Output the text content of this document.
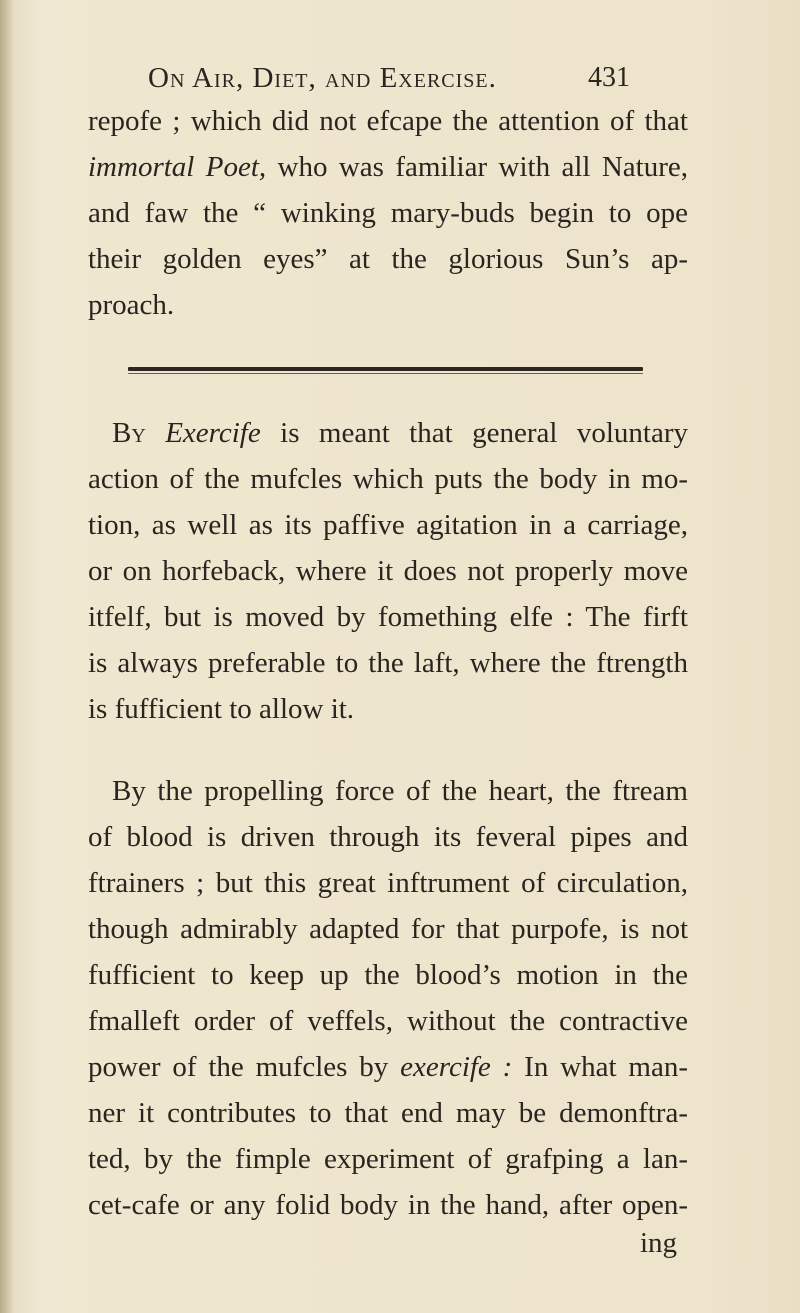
On Air, Diet, and Exercise.	431
repofe ; which did not efcape the attention of that
immortal Poet, who was familiar with all Nature,
and faw the “ winking mary-buds begin to ope
their golden eyes” at the glorious Sun’s ap-
proach.
By Exercife is meant that general voluntary
action of the mufcles which puts the body in mo-
tion, as well as its paffive agitation in a carriage,
or on horfeback, where it does not properly move
itfelf, but is moved by fomething elfe : The firft
is always preferable to the laft, where the ftrength
is fufficient to allow it.
By the propelling force of the heart, the ftream
of blood is driven through its feveral pipes and
ftrainers ; but this great inftrument of circulation,
though admirably adapted for that purpofe, is not
fufficient to keep up the blood’s motion in the
fmalleft order of veffels, without the contractive
power of the mufcles by exercife : In what man-
ner it contributes to that end may be demonftra-
ted, by the fimple experiment of grafping a lan-
cet-cafe or any folid body in the hand, after open-
ing
